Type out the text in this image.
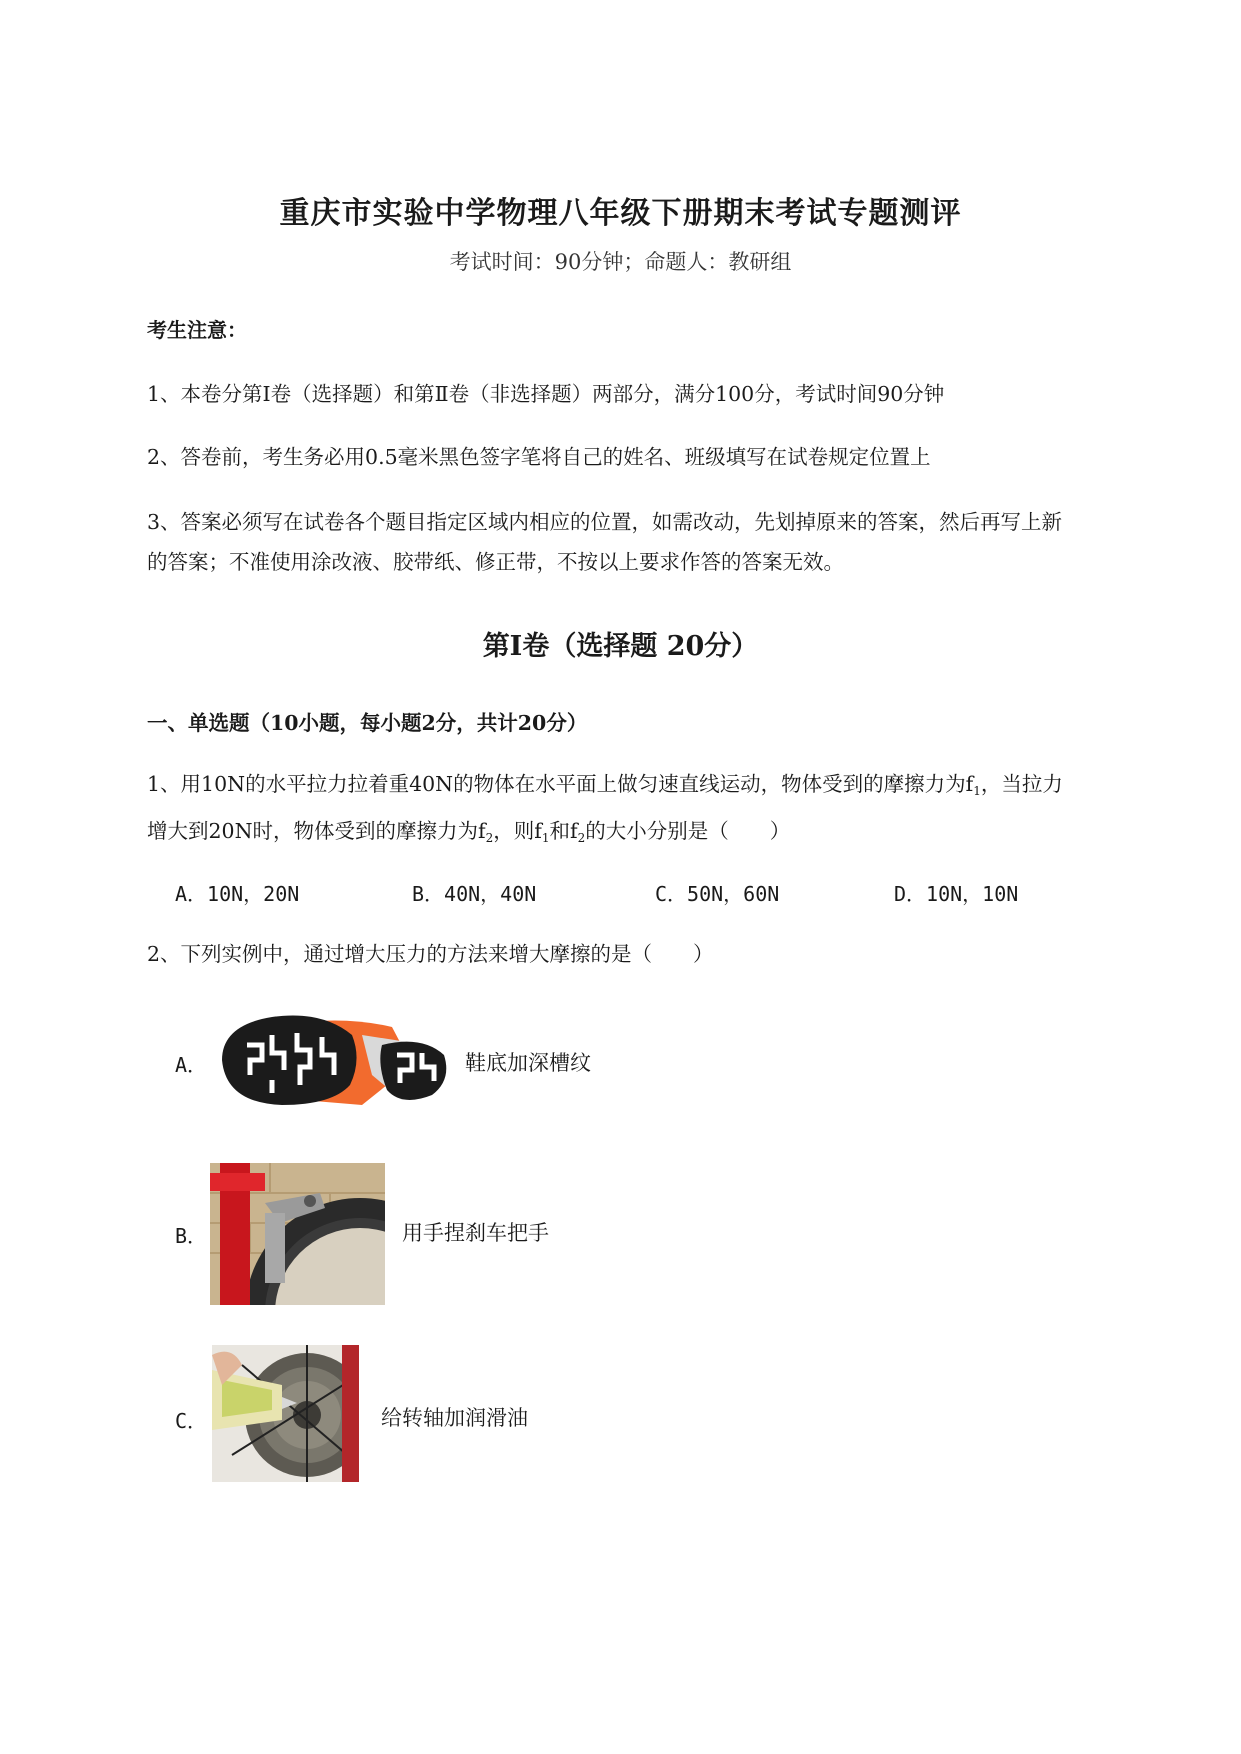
重庆市实验中学物理八年级下册期末考试专题测评
考试时间：90分钟；命题人：教研组
考生注意：
1、本卷分第Ⅰ卷（选择题）和第Ⅱ卷（非选择题）两部分，满分100分，考试时间90分钟
2、答卷前，考生务必用0.5毫米黑色签字笔将自己的姓名、班级填写在试卷规定位置上
3、答案必须写在试卷各个题目指定区域内相应的位置，如需改动，先划掉原来的答案，然后再写上新
的答案；不准使用涂改液、胶带纸、修正带，不按以上要求作答的答案无效。
第Ⅰ卷（选择题 20分）
一、单选题（10小题，每小题2分，共计20分）
1、用10N的水平拉力拉着重40N的物体在水平面上做匀速直线运动，物体受到的摩擦力为$f_1$，当拉力
增大到20N时，物体受到的摩擦力为$f_2$，则$f_1$和$f_2$的大小分别是（　　）
A．10N，20N	B．40N，40N	C．50N，60N	D．10N，10N
2、下列实例中，通过增大压力的方法来增大摩擦的是（　　）
A．	鞋底加深槽纹
B．	用手捏刹车把手
C．	给转轴加润滑油
